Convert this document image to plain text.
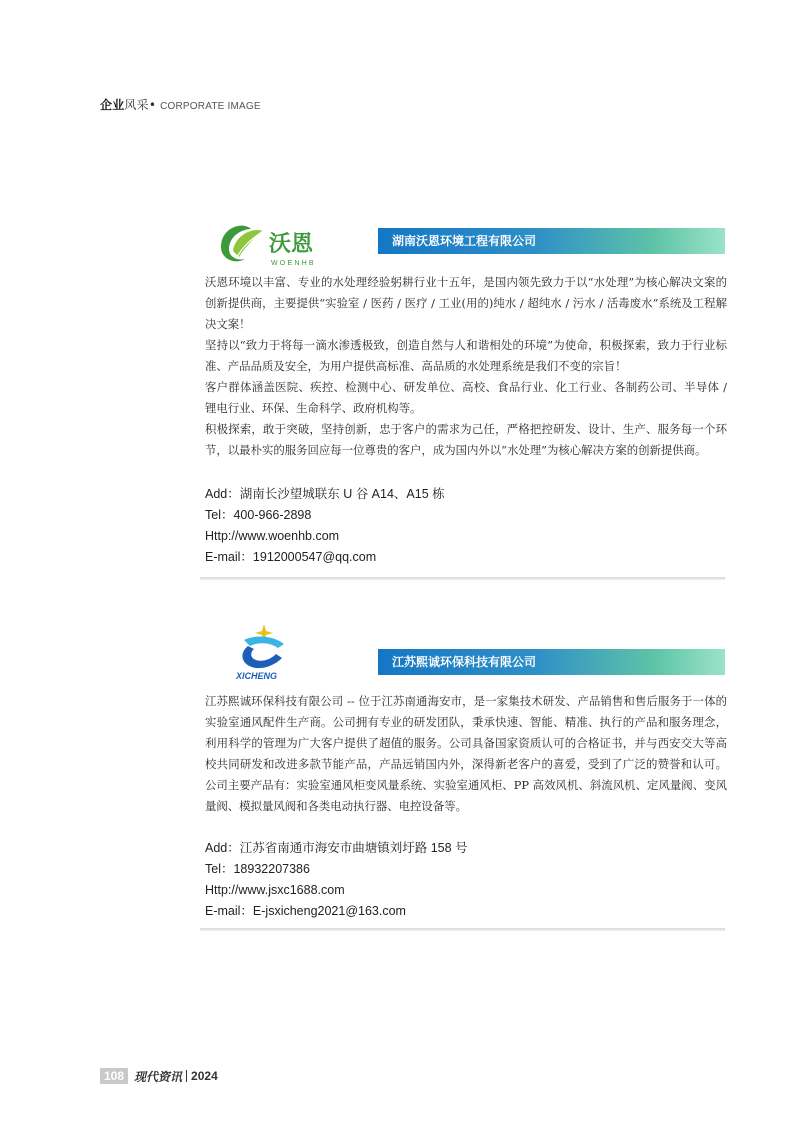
企业风采• CORPORATE IMAGE
沃恩
WOENHB
湖南沃恩环境工程有限公司

沃恩环境以丰富、专业的水处理经验躬耕行业十五年，是国内领先致力于以“水处理”为核心解决文案的创新提供商，主要提供“实验室 / 医药 / 医疗 / 工业(用的)纯水 / 超纯水 / 污水 / 活毒废水”系统及工程解决文案！

坚持以“致力于将每一滴水渗透极致，创造自然与人和谐相处的环境”为使命，积极探索，致力于行业标准、产品品质及安全，为用户提供高标准、高品质的水处理系统是我们不变的宗旨！

客户群体涵盖医院、疾控、检测中心、研发单位、高校、食品行业、化工行业、各制药公司、半导体 / 锂电行业、环保、生命科学、政府机构等。

积极探索，敢于突破，坚持创新，忠于客户的需求为己任，严格把控研发、设计、生产、服务每一个环节，以最朴实的服务回应每一位尊贵的客户，成为国内外以“水处理”为核心解决方案的创新提供商。

Add：湖南长沙望城联东 U 谷 A14、A15 栋
Tel：400-966-2898
Http://www.woenhb.com
E-mail：1912000547@qq.com
XICHENG
江苏熙诚环保科技有限公司

江苏熙诚环保科技有限公司 -- 位于江苏南通海安市，是一家集技术研发、产品销售和售后服务于一体的实验室通风配件生产商。公司拥有专业的研发团队，秉承快速、智能、精准、执行的产品和服务理念，利用科学的管理为广大客户提供了超值的服务。公司具备国家资质认可的合格证书，并与西安交大等高校共同研发和改进多款节能产品，产品远销国内外，深得新老客户的喜爱，受到了广泛的赞誉和认可。公司主要产品有：实验室通风柜变风量系统、实验室通风柜、PP 高效风机、斜流风机、定风量阀、变风量阀、模拟量风阀和各类电动执行器、电控设备等。

Add：江苏省南通市海安市曲塘镇刘圩路 158 号
Tel：18932207386
Http://www.jsxc1688.com
E-mail：E-jsxicheng2021@163.com
108 现代资讯 2024
